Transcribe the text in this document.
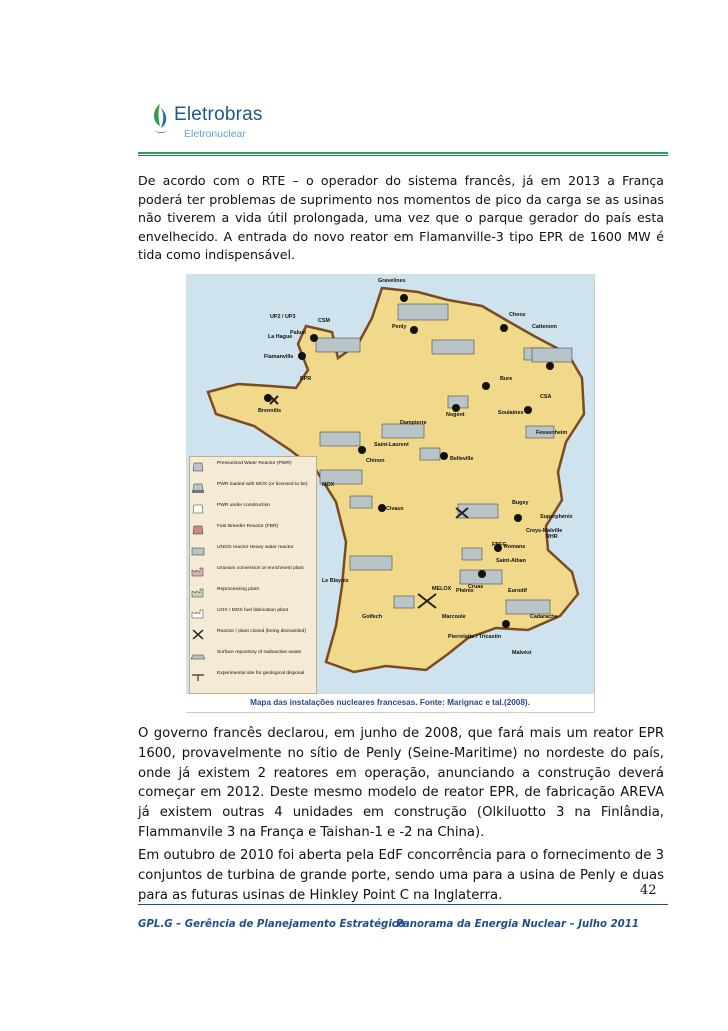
Eletrobras
Eletronuclear

De acordo com o RTE – o operador do sistema francês, já em 2013 a França poderá ter problemas de suprimento nos momentos de pico da carga se as usinas não tiverem a vida útil prolongada, uma vez que o parque gerador do país esta envelhecido. A entrada do novo reator em Flamanville-3 tipo EPR de 1600 MW é tida como indispensável.

Gravelines
Chooz
Penly
Paluel
UP2 / UP3
CSM
La Hague
Flamanville
EPR
Cattenom
Bure
CSA
Soulaines
Nogent
Brennilis
Dampierre
Fessenheim
Saint-Laurent
Chinon	Belleville
Civaux
Bugey
Superphénix
Creys-Malville
Romans
Saint-Alban
Le Blayais
Cruas
MELOX Phénix	Eurodif
Marcoule
Golfech	Cadarache
Pierrelatte / Tricastin
Malvési
FBFC
RHR
MOX
Pressurized Water Reactor (PWR)
PWR loaded with MOX (or licensed to be)
PWR under construction
Fast Breeder Reactor (FBR)
UNGG reactor Heavy water reactor
Uranium conversion or enrichment plant
Reprocessing plant
UOX / MOX fuel fabrication plant
Reactor / plant closed (being dismantled)
Surface repository of radioactive waste
Experimental site for geological disposal
Mapa das instalações nucleares francesas. Fonte: Marignac e tal.(2008).

O governo francês declarou, em junho de 2008, que fará mais um reator EPR 1600, provavelmente no sítio de Penly (Seine-Maritime) no nordeste do país, onde já existem 2 reatores em operação, anunciando a construção deverá começar em 2012. Deste mesmo modelo de reator EPR, de fabricação AREVA já existem outras 4 unidades em construção (Olkiluotto 3 na Finlândia, Flammanvile 3 na França e Taishan-1 e -2 na China).

Em outubro de 2010 foi aberta pela EdF concorrência para o fornecimento de 3 conjuntos de turbina de grande porte, sendo uma para a usina de Penly e duas para as futuras usinas de Hinkley Point C na Inglaterra.	42
GPL.G – Gerência de Planejamento Estratégico
Panorama da Energia Nuclear – Julho 2011
